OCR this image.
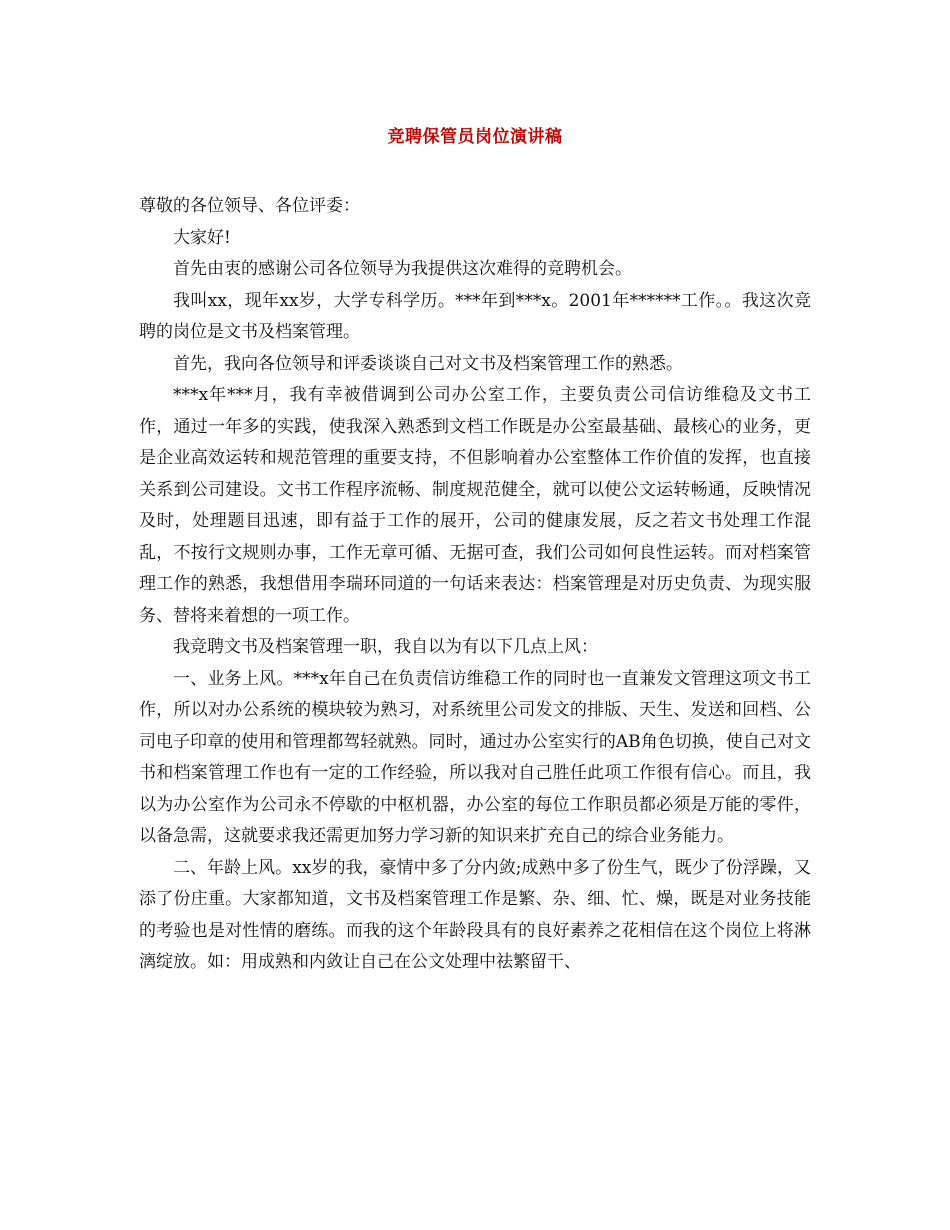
竞聘保管员岗位演讲稿

尊敬的各位领导、各位评委：

大家好!

首先由衷的感谢公司各位领导为我提供这次难得的竞聘机会。

我叫xx，现年xx岁，大学专科学历。***年到***x。2001年******工作。。我这次竞聘的岗位是文书及档案管理。

首先，我向各位领导和评委谈谈自己对文书及档案管理工作的熟悉。

***x年***月，我有幸被借调到公司办公室工作，主要负责公司信访维稳及文书工作，通过一年多的实践，使我深入熟悉到文档工作既是办公室最基础、最核心的业务，更是企业高效运转和规范管理的重要支持，不但影响着办公室整体工作价值的发挥，也直接关系到公司建设。文书工作程序流畅、制度规范健全，就可以使公文运转畅通，反映情况及时，处理题目迅速，即有益于工作的展开，公司的健康发展，反之若文书处理工作混乱，不按行文规则办事，工作无章可循、无据可查，我们公司如何良性运转。而对档案管理工作的熟悉，我想借用李瑞环同道的一句话来表达：档案管理是对历史负责、为现实服务、替将来着想的一项工作。

我竞聘文书及档案管理一职，我自以为有以下几点上风：

一、业务上风。***x年自己在负责信访维稳工作的同时也一直兼发文管理这项文书工作，所以对办公系统的模块较为熟习，对系统里公司发文的排版、天生、发送和回档、公司电子印章的使用和管理都驾轻就熟。同时，通过办公室实行的AB角色切换，使自己对文书和档案管理工作也有一定的工作经验，所以我对自己胜任此项工作很有信心。而且，我以为办公室作为公司永不停歇的中枢机器，办公室的每位工作职员都必须是万能的零件，以备急需，这就要求我还需更加努力学习新的知识来扩充自己的综合业务能力。

二、年龄上风。xx岁的我，豪情中多了分内敛;成熟中多了份生气，既少了份浮躁，又添了份庄重。大家都知道，文书及档案管理工作是繁、杂、细、忙、燥，既是对业务技能的考验也是对性情的磨练。而我的这个年龄段具有的良好素养之花相信在这个岗位上将淋漓绽放。如：用成熟和内敛让自己在公文处理中祛繁留干、
